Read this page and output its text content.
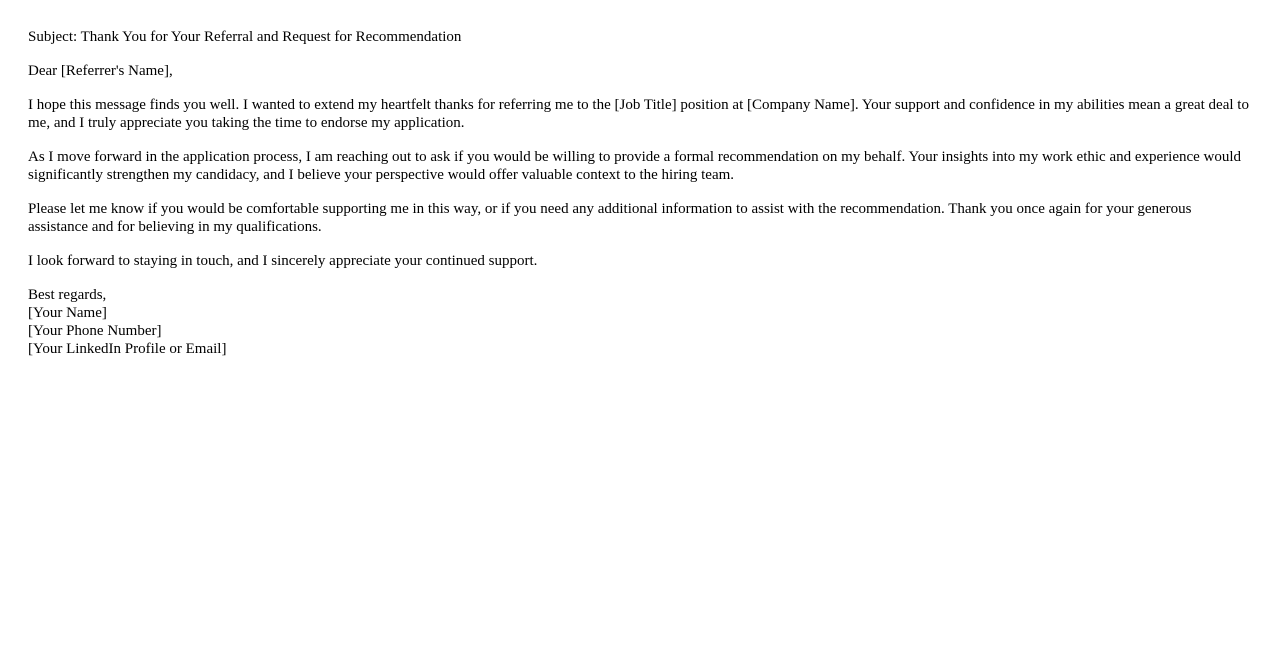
Subject: Thank You for Your Referral and Request for Recommendation

Dear [Referrer's Name],

I hope this message finds you well. I wanted to extend my heartfelt thanks for referring me to the [Job Title] position at [Company Name]. Your support and confidence in my abilities mean a great deal to me, and I truly appreciate you taking the time to endorse my application.

As I move forward in the application process, I am reaching out to ask if you would be willing to provide a formal recommendation on my behalf. Your insights into my work ethic and experience would significantly strengthen my candidacy, and I believe your perspective would offer valuable context to the hiring team.

Please let me know if you would be comfortable supporting me in this way, or if you need any additional information to assist with the recommendation. Thank you once again for your generous assistance and for believing in my qualifications.

I look forward to staying in touch, and I sincerely appreciate your continued support.

Best regards,
[Your Name]
[Your Phone Number]
[Your LinkedIn Profile or Email]
